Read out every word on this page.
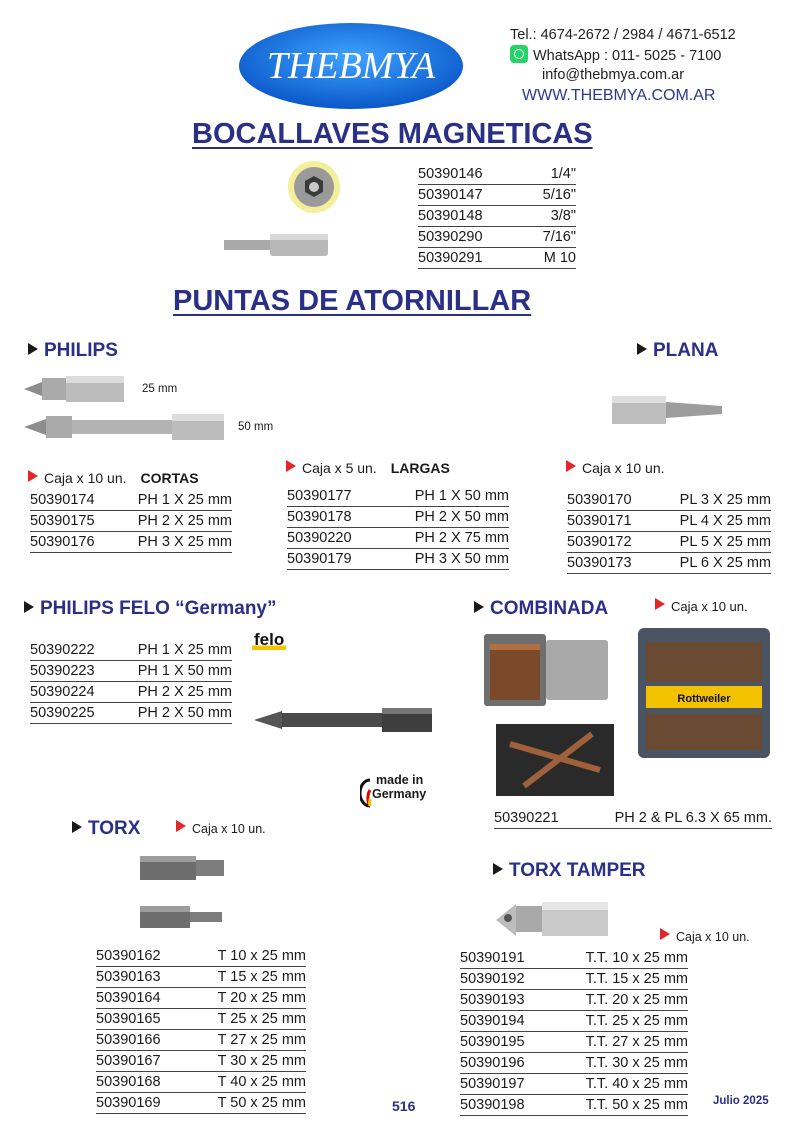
THEBMYA
Tel.: 4674-2672 / 2984 / 4671-6512
WhatsApp : 011- 5025 - 7100
info@thebmya.com.ar
WWW.THEBMYA.COM.AR
BOCALLAVES MAGNETICAS
50390146	1/4"
50390147	5/16"
50390148	3/8"
50390290	7/16"
50390291	M 10
PUNTAS DE ATORNILLAR
PHILIPS
25 mm
50 mm
Caja x 10 un. CORTAS
50390174	PH 1 X 25 mm
50390175	PH 2 X 25 mm
50390176	PH 3 X 25 mm
Caja x 5 un. LARGAS
50390177	PH 1 X 50 mm
50390178	PH 2 X 50 mm
50390220	PH 2 X 75 mm
50390179	PH 3 X 50 mm
PLANA
Caja x 10 un.
50390170	PL 3 X 25 mm
50390171	PL 4 X 25 mm
50390172	PL 5 X 25 mm
50390173	PL 6 X 25 mm
PHILIPS FELO “Germany”
50390222	PH 1 X 25 mm
50390223	PH 1 X 50 mm
50390224	PH 2 X 25 mm
50390225	PH 2 X 50 mm
felo
made in
Germany
COMBINADA	Caja x 10 un.
Rottweiler
50390221	PH 2 & PL 6.3 X 65 mm.
TORX	Caja x 10 un.
50390162	T 10 x 25 mm
50390163	T 15 x 25 mm
50390164	T 20 x 25 mm
50390165	T 25 x 25 mm
50390166	T 27 x 25 mm
50390167	T 30 x 25 mm
50390168	T 40 x 25 mm
50390169	T 50 x 25 mm
TORX TAMPER
Caja x 10 un.
50390191	T.T. 10 x 25 mm
50390192	T.T. 15 x 25 mm
50390193	T.T. 20 x 25 mm
50390194	T.T. 25 x 25 mm
50390195	T.T. 27 x 25 mm
50390196	T.T. 30 x 25 mm
50390197	T.T. 40 x 25 mm
50390198	T.T. 50 x 25 mm
516	Julio 2025
